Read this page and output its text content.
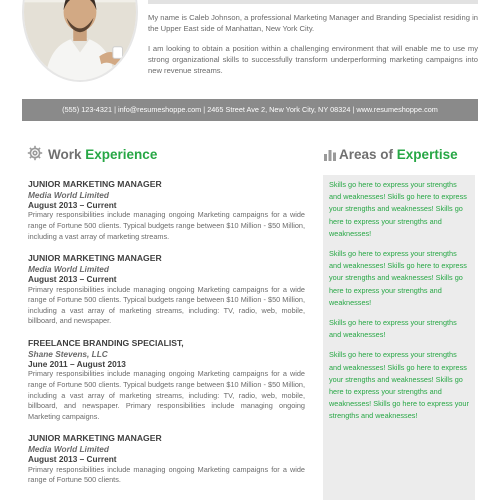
My name is Caleb Johnson, a professional Marketing Manager and Branding Specialist residing in the Upper East side of Manhattan, New York City.

I am looking to obtain a position within a challenging environment that will enable me to use my strong organizational skills to successfully transform underperforming marketing campaigns into new revenue streams.

(555) 123-4321 | info@resumeshoppe.com | 2465 Street Ave 2, New York City, NY 08324 | www.resumeshoppe.com
Work Experience	Areas of Expertise
JUNIOR MARKETING MANAGER
Media World Limited
August 2013 – Current
Primary responsibilities include managing ongoing Marketing campaigns for a wide range of Fortune 500 clients. Typical budgets range between $10 Million - $50 Million, including a vast array of marketing streams.
JUNIOR MARKETING MANAGER
Media World Limited
August 2013 – Current
Primary responsibilities include managing ongoing Marketing campaigns for a wide range of Fortune 500 clients. Typical budgets range between $10 Million - $50 Million, including a vast array of marketing streams, including: TV, radio, web, mobile, billboard, and newspaper.
FREELANCE BRANDING SPECIALIST,
Shane Stevens, LLC
June 2011 – August 2013
Primary responsibilities include managing ongoing Marketing campaigns for a wide range of Fortune 500 clients. Typical budgets range between $10 Million - $50 Million, including a vast array of marketing streams, including: TV, radio, web, mobile, billboard, and newspaper. Primary responsibilities include managing ongoing Marketing campaigns.
JUNIOR MARKETING MANAGER
Media World Limited
August 2013 – Current
Primary responsibilities include managing ongoing Marketing campaigns for a wide range of Fortune 500 clients.

Skills go here to express your strengths and weaknesses! Skills go here to express your strengths and weaknesses! Skills go here to express your strengths and weaknesses!

Skills go here to express your strengths and weaknesses! Skills go here to express your strengths and weaknesses! Skills go here to express your strengths and weaknesses!

Skills go here to express your strengths and weaknesses!

Skills go here to express your strengths and weaknesses! Skills go here to express your strengths and weaknesses! Skills go here to express your strengths and weaknesses! Skills go here to express your strengths and weaknesses!
